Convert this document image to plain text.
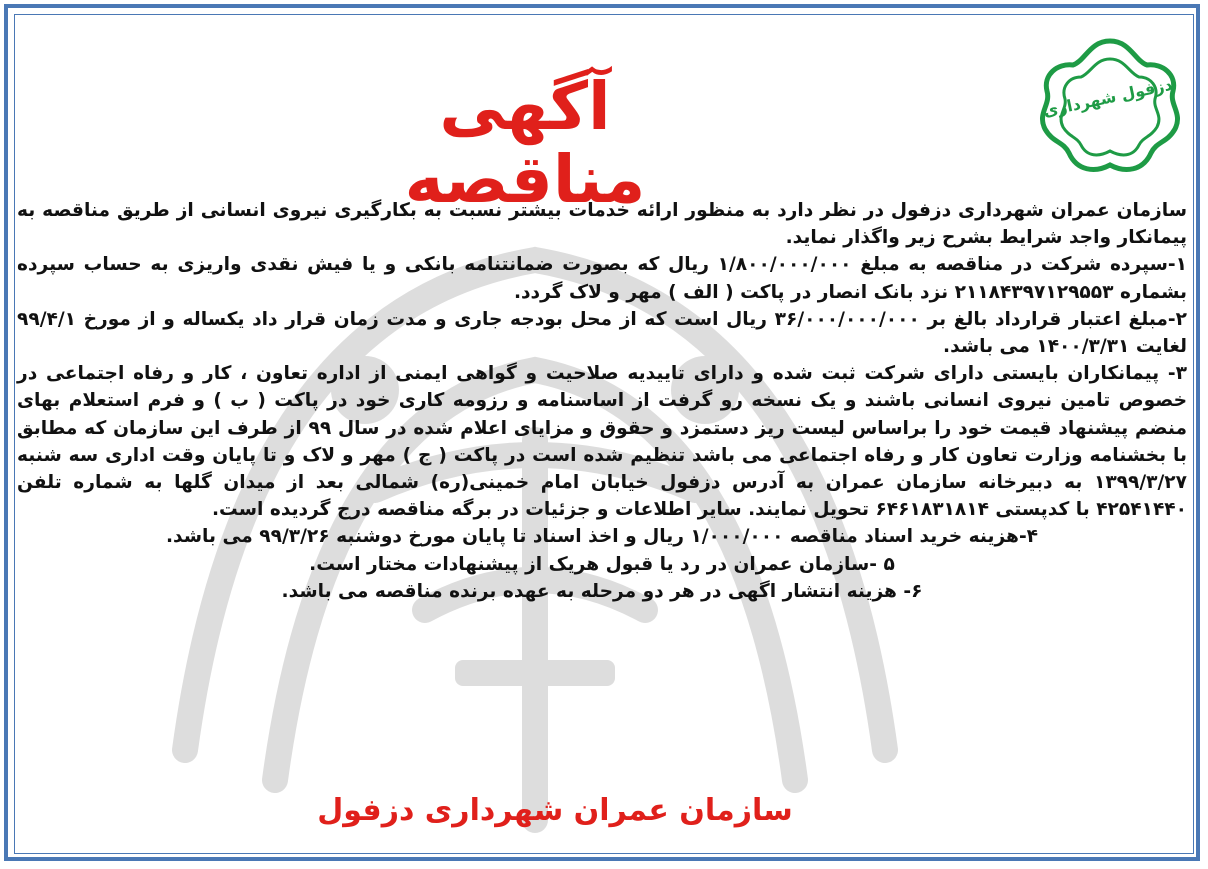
دزفول شهرداری
آگهی مناقصه

سازمان عمران شهرداری دزفول در نظر دارد به منظور ارائه خدمات بیشتر نسبت به بکارگیری نیروی انسانی از طریق مناقصه به پیمانکار واجد شرایط بشرح زیر واگذار نماید.

۱-سپرده شرکت در مناقصه به مبلغ ۱/۸۰۰/۰۰۰/۰۰۰ ریال که بصورت ضمانتنامه بانکی و یا فیش نقدی واریزی به حساب سپرده بشماره ۲۱۱۸۴۳۹۷۱۲۹۵۵۳ نزد بانک انصار در پاکت ( الف ) مهر و لاک گردد.

۲-مبلغ اعتبار قرارداد بالغ بر ۳۶/۰۰۰/۰۰۰/۰۰۰ ریال است که از محل بودجه جاری و مدت زمان قرار داد یکساله و از مورخ ۹۹/۴/۱ لغایت ۱۴۰۰/۳/۳۱ می باشد.

۳- پیمانکاران بایستی دارای شرکت ثبت شده و دارای تاییدیه صلاحیت و گواهی ایمنی از اداره تعاون ، کار و رفاه اجتماعی در خصوص تامین نیروی انسانی باشند و یک نسخه رو گرفت از اساسنامه و رزومه کاری خود در پاکت ( ب ) و فرم استعلام بهای منضم پیشنهاد قیمت خود را براساس لیست ریز دستمزد و حقوق و مزایای اعلام شده در سال ۹۹ از طرف این سازمان که مطابق با بخشنامه وزارت تعاون کار و رفاه اجتماعی می باشد تنظیم شده است در پاکت ( ج ) مهر و لاک و تا پایان وقت اداری سه شنبه ۱۳۹۹/۳/۲۷ به دبیرخانه سازمان عمران به آدرس دزفول خیابان امام خمینی(ره) شمالی بعد از میدان گلها به شماره تلفن ۴۲۵۴۱۴۴۰ با کدپستی ۶۴۶۱۸۳۱۸۱۴ تحویل نمایند. سایر اطلاعات و جزئیات در برگه مناقصه درج گردیده است.

۴-هزینه خرید اسناد مناقصه ۱/۰۰۰/۰۰۰ ریال و اخذ اسناد تا پایان مورخ دوشنبه ۹۹/۳/۲۶ می باشد.

۵ -سازمان عمران در رد یا قبول هریک از پیشنهادات مختار است.

۶- هزینه انتشار اگهی در هر دو مرحله به عهده برنده مناقصه می باشد.

سازمان عمران شهرداری دزفول
